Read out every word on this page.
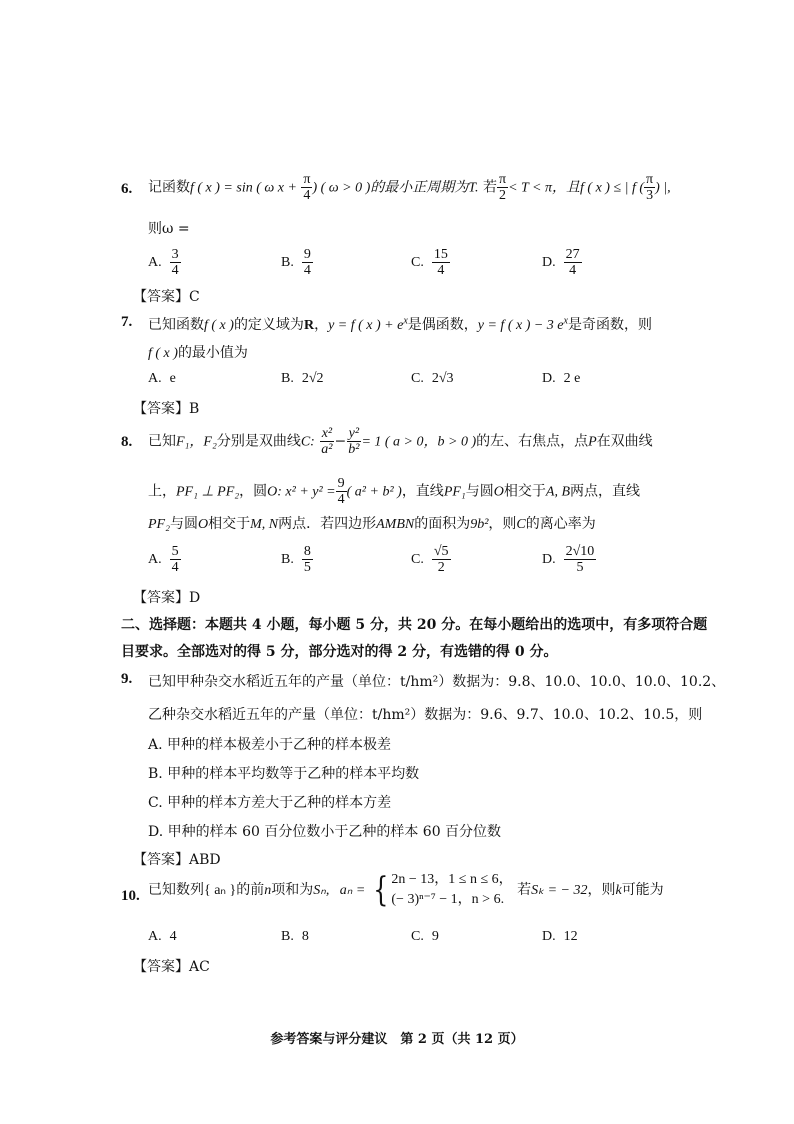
6. 记函数f ( x ) = sin ( ω $x + \frac{\pi}{4}$ ) ( ω > 0 )的最小正周期为T. 若 $\frac{\pi}{2} < T < \pi$，且f ( x ) ≤ | f ( $\frac{\pi}{3}$ ) |,
则ω =
A. $\frac{3}{4}$	B. $\frac{9}{4}$	C. $\frac{15}{4}$	D. $\frac{27}{4}$
【答案】C
7. 已知函数f ( x )的定义域为R，y = f ( x ) + $e^x$是偶函数，y = f ( x ) − 3 $e^x$是奇函数，则
f ( x )的最小值为
A. e	B. 2√2	C. 2√3	D. 2 e
【答案】B
8. 已知F₁，F₂分别是双曲线C: $\frac{\text{x²}}{\text{a²}} - \frac{\text{y²}}{\text{b²}} = 1$ ( a > 0，b > 0 )的左、右焦点，点P在双曲线
上，PF₁ ⊥ PF₂，圆O: $x^2 + y^2 = \frac{9}{4}$ ( a² + b² )，直线PF₁与圆O相交于A, B两点，直线
PF₂与圆O相交于M, N两点．若四边形AMBN的面积为9b²，则C的离心率为
A. $\frac{5}{4}$	B. $\frac{8}{5}$	C. $\frac{√5}{2}$	D. $\frac{2√10}{5}$
【答案】D
二、选择题：本题共 4 小题，每小题 5 分，共 20 分。在每小题给出的选项中，有多项符合题
目要求。全部选对的得 5 分，部分选对的得 2 分，有选错的得 0 分。
9. 已知甲种杂交水稻近五年的产量（单位：t/hm²）数据为：9.8、10.0、10.0、10.0、10.2、
乙种杂交水稻近五年的产量（单位：t/hm²）数据为：9.6、9.7、10.0、10.2、10.5，则
A. 甲种的样本极差小于乙种的样本极差
B. 甲种的样本平均数等于乙种的样本平均数
C. 甲种的样本方差大于乙种的样本方差
D. 甲种的样本 60 百分位数小于乙种的样本 60 百分位数
【答案】ABD
10. 已知数列{ aₙ }的前n项和为Sₙ, aₙ = { 2n − 13，1 ≤ n ≤ 6，
(− 3)ⁿ⁻⁷ − 1，n > 6.
若Sₖ = − 32，则k可能为
A. 4	B. 8	C. 9	D. 12
【答案】AC
参考答案与评分建议　第 2 页（共 12 页）
